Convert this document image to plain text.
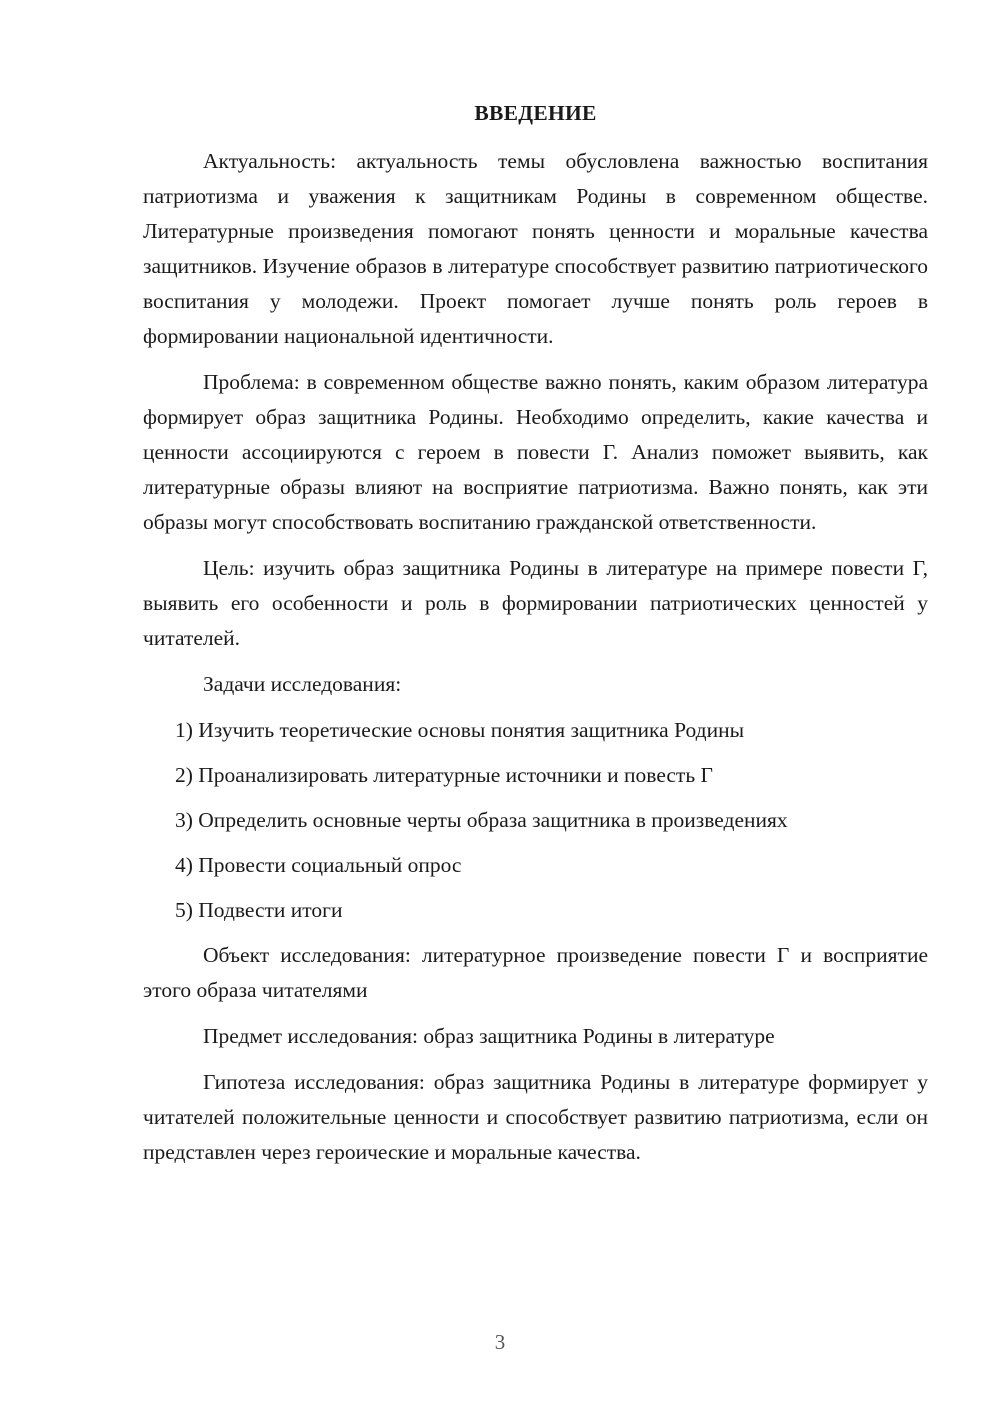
ВВЕДЕНИЕ

Актуальность: актуальность темы обусловлена важностью воспитания патриотизма и уважения к защитникам Родины в современном обществе. Литературные произведения помогают понять ценности и моральные качества защитников. Изучение образов в литературе способствует развитию патриотического воспитания у молодежи. Проект помогает лучше понять роль героев в формировании национальной идентичности.

Проблема: в современном обществе важно понять, каким образом литература формирует образ защитника Родины. Необходимо определить, какие качества и ценности ассоциируются с героем в повести Г. Анализ поможет выявить, как литературные образы влияют на восприятие патриотизма. Важно понять, как эти образы могут способствовать воспитанию гражданской ответственности.

Цель: изучить образ защитника Родины в литературе на примере повести Г, выявить его особенности и роль в формировании патриотических ценностей у читателей.

Задачи исследования:

1) Изучить теоретические основы понятия защитника Родины
2) Проанализировать литературные источники и повесть Г
3) Определить основные черты образа защитника в произведениях
4) Провести социальный опрос
5) Подвести итоги

Объект исследования: литературное произведение повести Г и восприятие этого образа читателями

Предмет исследования: образ защитника Родины в литературе

Гипотеза исследования: образ защитника Родины в литературе формирует у читателей положительные ценности и способствует развитию патриотизма, если он представлен через героические и моральные качества.

3
